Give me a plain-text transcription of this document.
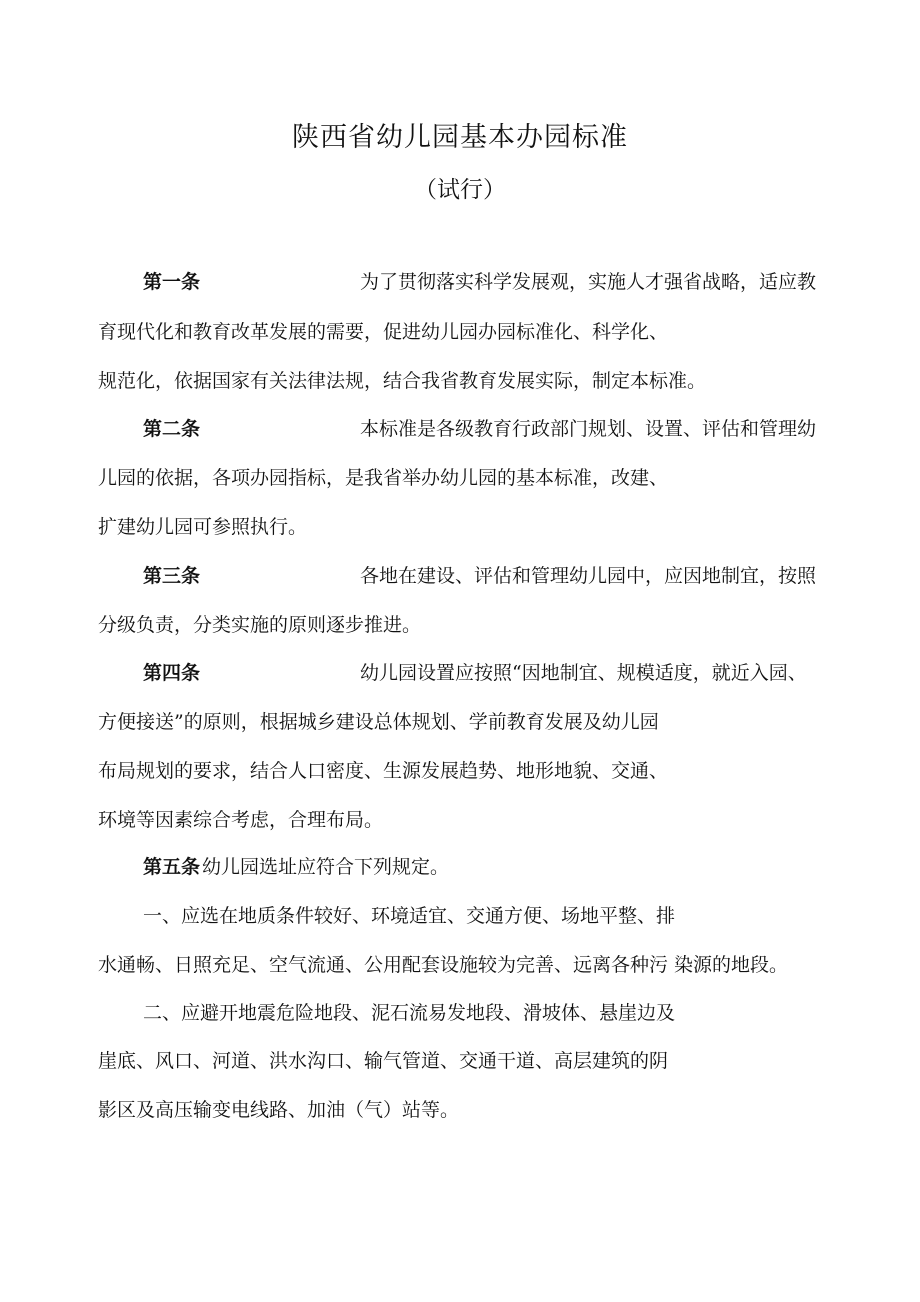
陕西省幼儿园基本办园标准
（试行）
第一条	为了贯彻落实科学发展观，实施人才强省战略，适应教
育现代化和教育改革发展的需要，促进幼儿园办园标准化、科学化、
规范化，依据国家有关法律法规，结合我省教育发展实际，制定本标准。
第二条	本标准是各级教育行政部门规划、设置、评估和管理幼
儿园的依据，各项办园指标，是我省举办幼儿园的基本标准，改建、
扩建幼儿园可参照执行。
第三条	各地在建设、评估和管理幼儿园中，应因地制宜，按照
分级负责，分类实施的原则逐步推进。
第四条	幼儿园设置应按照“因地制宜、规模适度，就近入园、
方便接送”的原则，根据城乡建设总体规划、学前教育发展及幼儿园
布局规划的要求，结合人口密度、生源发展趋势、地形地貌、交通、
环境等因素综合考虑，合理布局。
第五条 幼儿园选址应符合下列规定。
一、应选在地质条件较好、环境适宜、交通方便、场地平整、排
水通畅、日照充足、空气流通、公用配套设施较为完善、远离各种污 染源的地段。
二、应避开地震危险地段、泥石流易发地段、滑坡体、悬崖边及
崖底、风口、河道、洪水沟口、输气管道、交通干道、高层建筑的阴
影区及高压输变电线路、加油（气）站等。
